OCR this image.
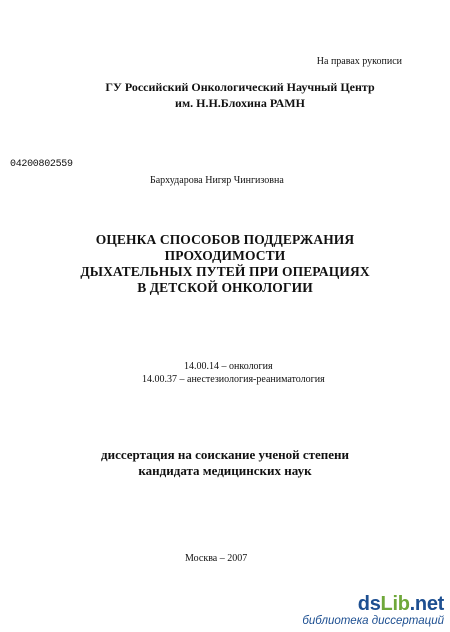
На правах рукописи
ГУ Российский Онкологический Научный Центр
им. Н.Н.Блохина РАМН
04200802559
Бархударова Нигяр Чингизовна
ОЦЕНКА СПОСОБОВ ПОДДЕРЖАНИЯ
ПРОХОДИМОСТИ
ДЫХАТЕЛЬНЫХ ПУТЕЙ ПРИ ОПЕРАЦИЯХ
В ДЕТСКОЙ ОНКОЛОГИИ
14.00.14 – онкология
14.00.37 – анестезиология-реаниматология
диссертация на соискание ученой степени
кандидата медицинских наук
Москва – 2007
dsLib.net
библиотека диссертаций
